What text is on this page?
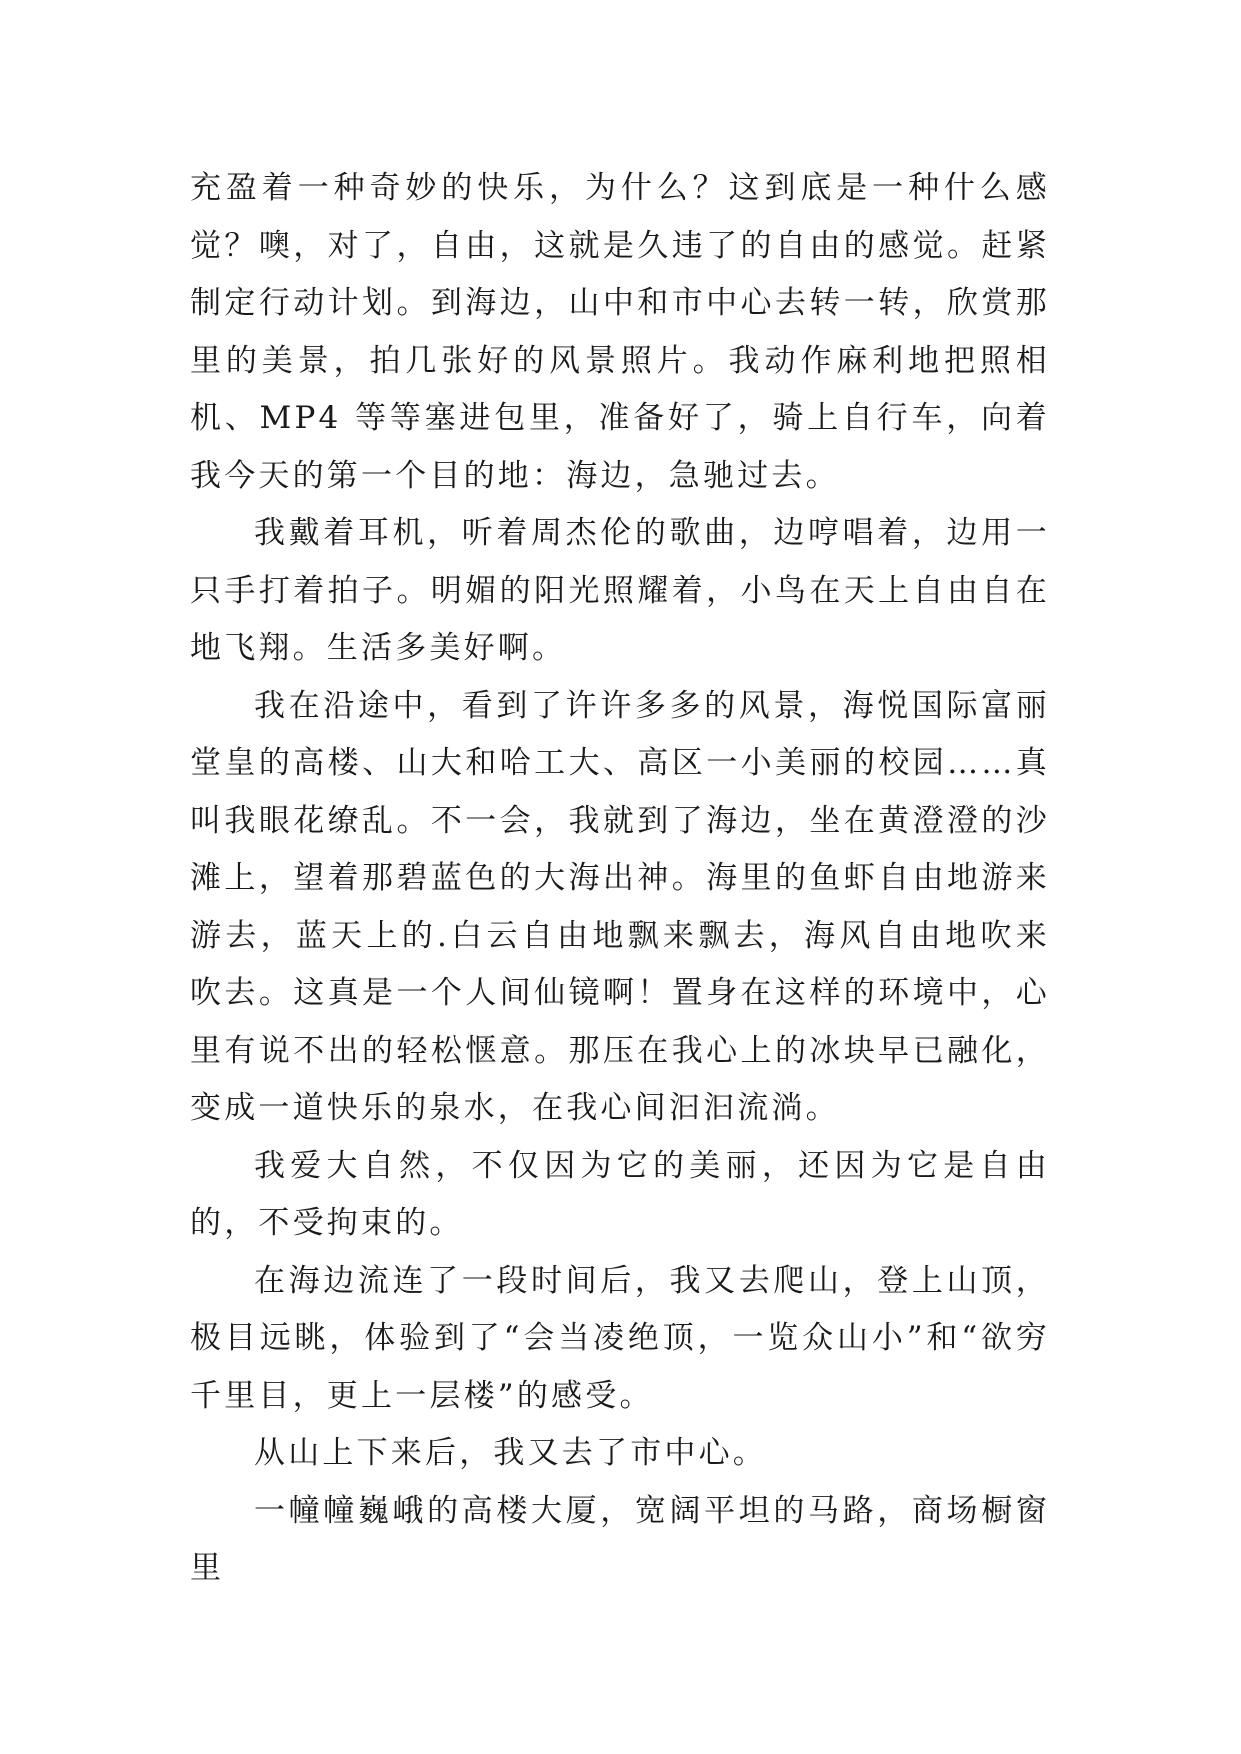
充盈着一种奇妙的快乐，为什么？这到底是一种什么感觉？噢，对了，自由，这就是久违了的自由的感觉。赶紧制定行动计划。到海边，山中和市中心去转一转，欣赏那里的美景，拍几张好的风景照片。我动作麻利地把照相机、MP4 等等塞进包里，准备好了，骑上自行车，向着我今天的第一个目的地：海边，急驰过去。

我戴着耳机，听着周杰伦的歌曲，边哼唱着，边用一只手打着拍子。明媚的阳光照耀着，小鸟在天上自由自在地飞翔。生活多美好啊。

我在沿途中，看到了许许多多的风景，海悦国际富丽堂皇的高楼、山大和哈工大、高区一小美丽的校园……真叫我眼花缭乱。不一会，我就到了海边，坐在黄澄澄的沙滩上，望着那碧蓝色的大海出神。海里的鱼虾自由地游来游去，蓝天上的.白云自由地飘来飘去，海风自由地吹来吹去。这真是一个人间仙镜啊！置身在这样的环境中，心里有说不出的轻松惬意。那压在我心上的冰块早已融化，变成一道快乐的泉水，在我心间汩汩流淌。

我爱大自然，不仅因为它的美丽，还因为它是自由的，不受拘束的。

在海边流连了一段时间后，我又去爬山，登上山顶，极目远眺，体验到了“会当凌绝顶，一览众山小”和“欲穷千里目，更上一层楼”的感受。

从山上下来后，我又去了市中心。

一幢幢巍峨的高楼大厦，宽阔平坦的马路，商场橱窗里
